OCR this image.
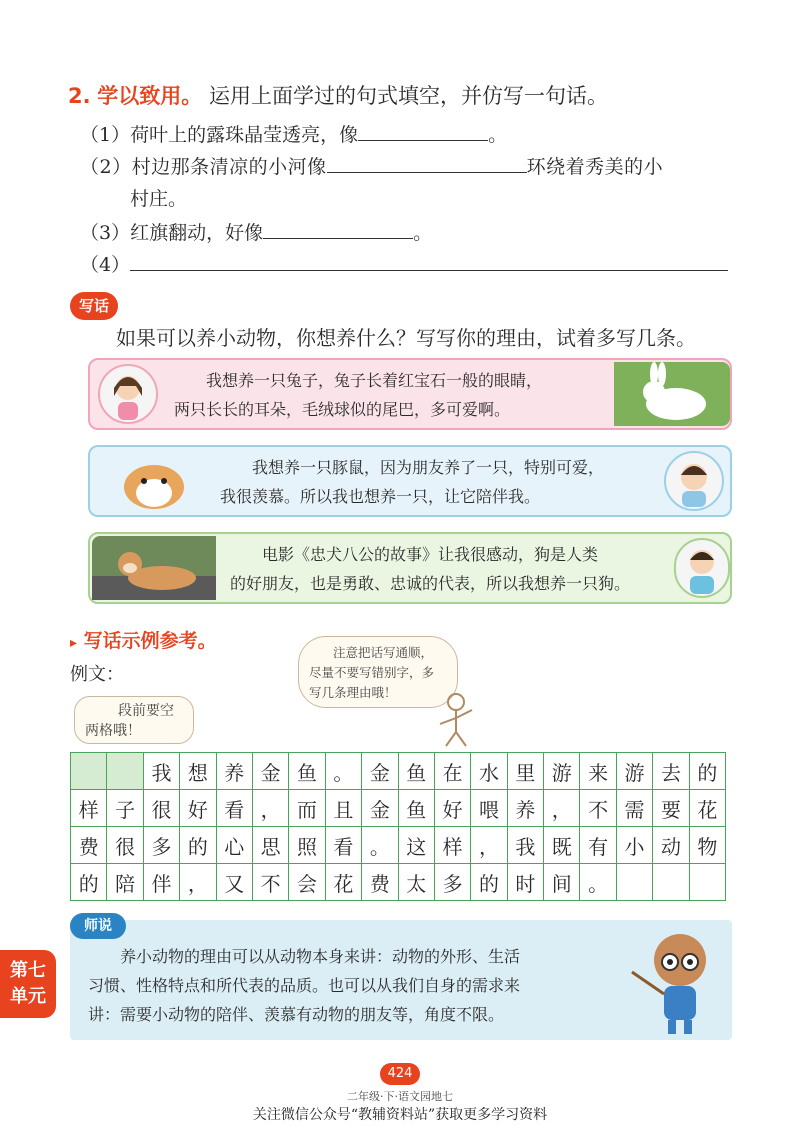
2. 学以致用。 运用上面学过的句式填空，并仿写一句话。
（1）荷叶上的露珠晶莹透亮，像	。
（2）村边那条清凉的小河像	环绕着秀美的小
村庄。
（3）红旗翻动，好像	。
（4）
写话
如果可以养小动物，你想养什么？写写你的理由，试着多写几条。
我想养一只兔子，兔子长着红宝石一般的眼睛，
两只长长的耳朵，毛绒球似的尾巴，多可爱啊。
我想养一只豚鼠，因为朋友养了一只，特别可爱，
我很羡慕。所以我也想养一只，让它陪伴我。
电影《忠犬八公的故事》让我很感动，狗是人类
的好朋友，也是勇敢、忠诚的代表，所以我想养一只狗。
▸ 写话示例参考。
例文：
段前要空
两格哦！
注意把话写通顺，
尽量不要写错别字，多
写几条理由哦！
		我	想	养	金	鱼	。	金	鱼	在	水	里	游	来	游	去	的
样	子	很	好	看	，	而	且	金	鱼	好	喂	养	，	不	需	要	花
费	很	多	的	心	思	照	看	。	这	样	，	我	既	有	小	动	物
的	陪	伴	，	又	不	会	花	费	太	多	的	时	间	。			
师说
养小动物的理由可以从动物本身来讲：动物的外形、生活
习惯、性格特点和所代表的品质。也可以从我们自身的需求来
讲：需要小动物的陪伴、羡慕有动物的朋友等，角度不限。
第七
单元
424
二年级·下·语文园地七
关注微信公众号“教辅资料站”获取更多学习资料
